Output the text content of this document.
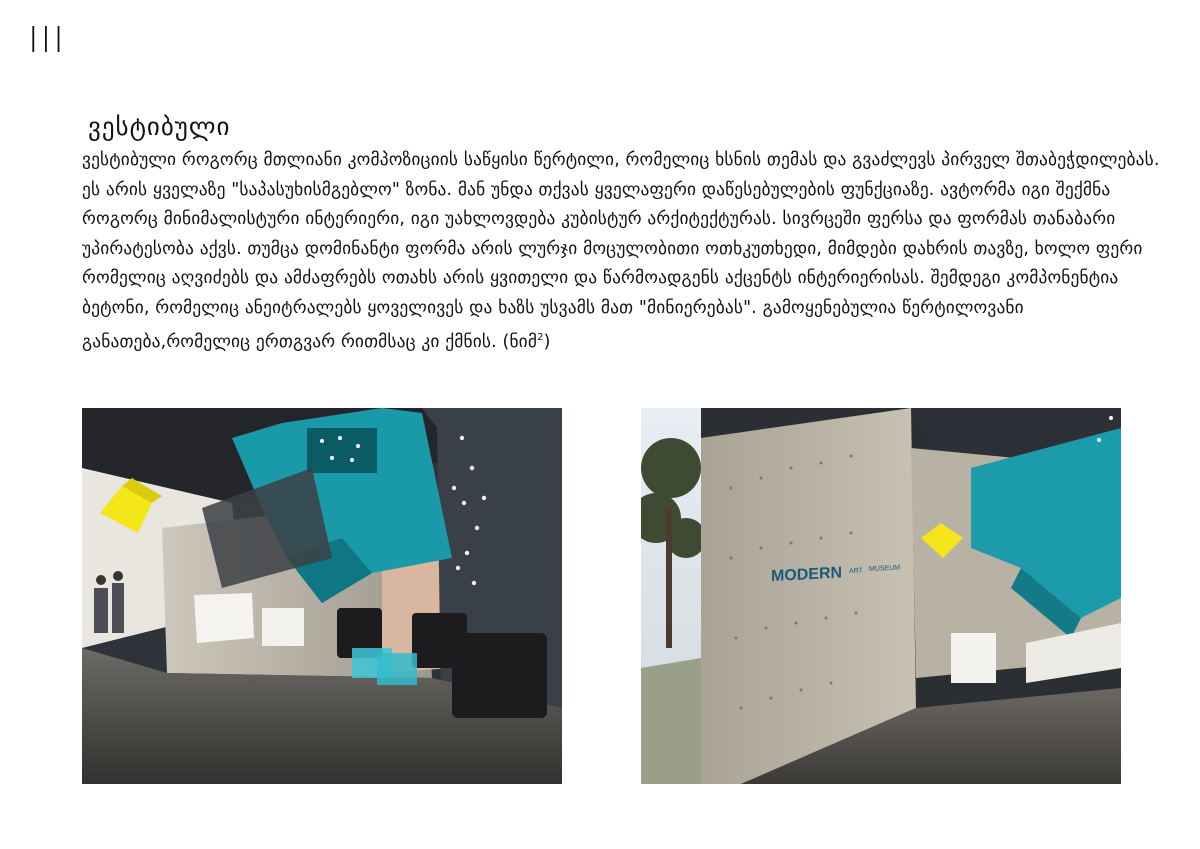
III
ვესტიბული
ვესტიბული როგორც მთლიანი კომპოზიციის საწყისი წერტილი, რომელიც ხსნის თემას და გვაძლევს პირველ შთაბეჭდილებას. ეს არის ყველაზე "საპასუხისმგებლო" ზონა. მან უნდა თქვას ყველაფერი დაწესებულების ფუნქციაზე. ავტორმა იგი შექმნა როგორც მინიმალისტური ინტერიერი, იგი უახლოვდება კუბისტურ არქიტექტურას. სივრცეში ფერსა და ფორმას თანაბარი უპირატესობა აქვს. თუმცა დომინანტი ფორმა არის ლურჯი მოცულობითი ოთხკუთხედი, მიმდები დახრის თავზე, ხოლო ფერი რომელიც აღვიძებს და ამძაფრებს ოთახს არის ყვითელი და წარმოადგენს აქცენტს ინტერიერისას. შემდეგი კომპონენტია ბეტონი, რომელიც ანეიტრალებს ყოველივეს და ხაზს უსვამს მათ "მინიერებას". გამოყენებულია წერტილოვანი განათება,რომელიც ერთგვარ რითმსაც კი ქმნის. (ნიმ$^2$)
MODERN ART MUSEUM
